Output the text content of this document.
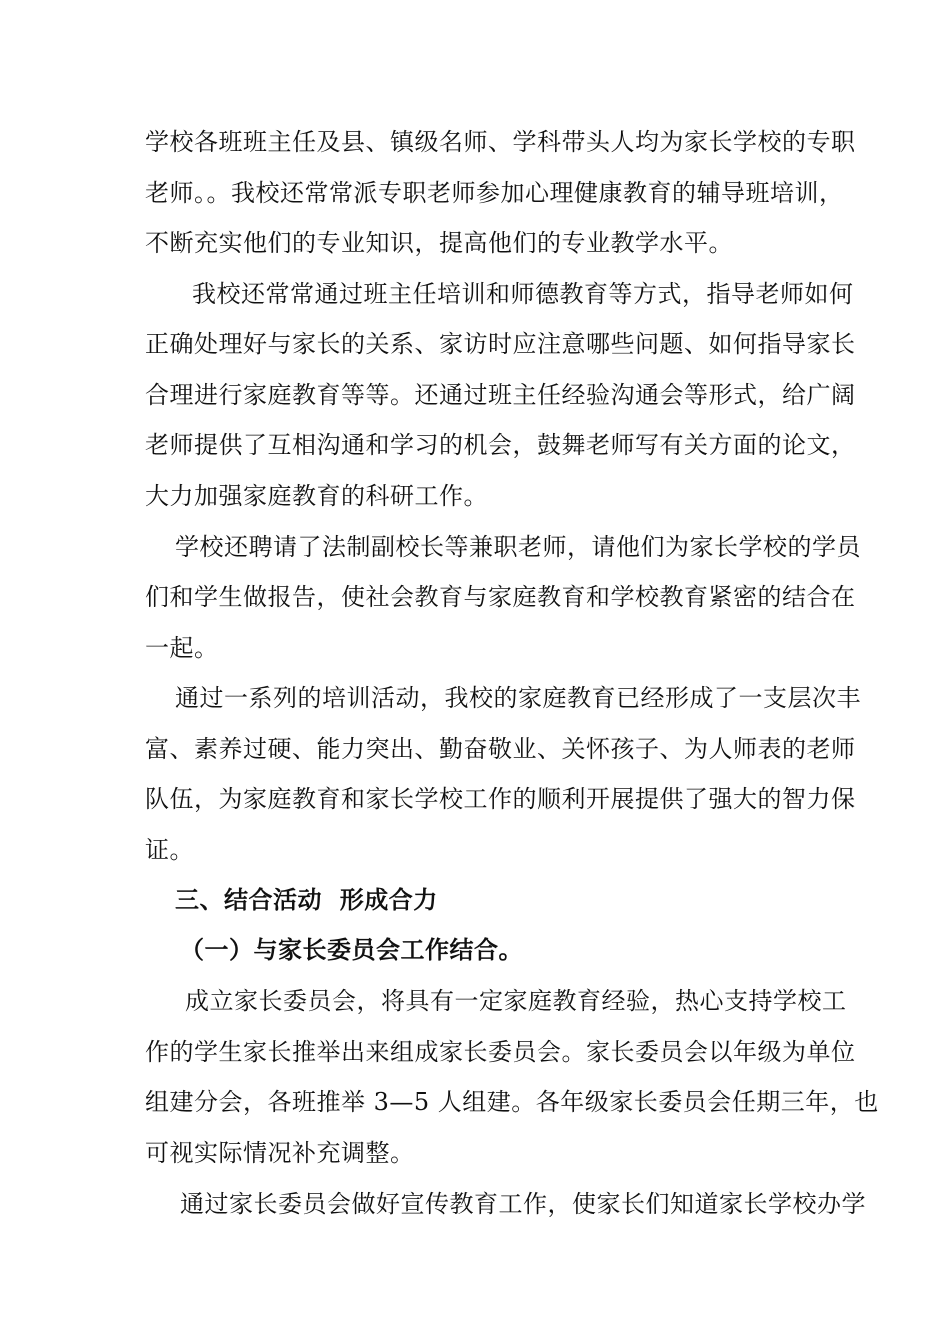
学校各班班主任及县、镇级名师、学科带头人均为家长学校的专职
老师。。我校还常常派专职老师参加心理健康教育的辅导班培训，
不断充实他们的专业知识，提高他们的专业教学水平。
我校还常常通过班主任培训和师德教育等方式，指导老师如何
正确处理好与家长的关系、家访时应注意哪些问题、如何指导家长
合理进行家庭教育等等。还通过班主任经验沟通会等形式，给广阔
老师提供了互相沟通和学习的机会，鼓舞老师写有关方面的论文，
大力加强家庭教育的科研工作。
学校还聘请了法制副校长等兼职老师，请他们为家长学校的学员
们和学生做报告，使社会教育与家庭教育和学校教育紧密的结合在
一起。
通过一系列的培训活动，我校的家庭教育已经形成了一支层次丰
富、素养过硬、能力突出、勤奋敬业、关怀孩子、为人师表的老师
队伍，为家庭教育和家长学校工作的顺利开展提供了强大的智力保
证。
三、结合活动  形成合力
（一）与家长委员会工作结合。
成立家长委员会，将具有一定家庭教育经验，热心支持学校工
作的学生家长推举出来组成家长委员会。家长委员会以年级为单位
组建分会，各班推举 3—5 人组建。各年级家长委员会任期三年，也
可视实际情况补充调整。
通过家长委员会做好宣传教育工作，使家长们知道家长学校办学
